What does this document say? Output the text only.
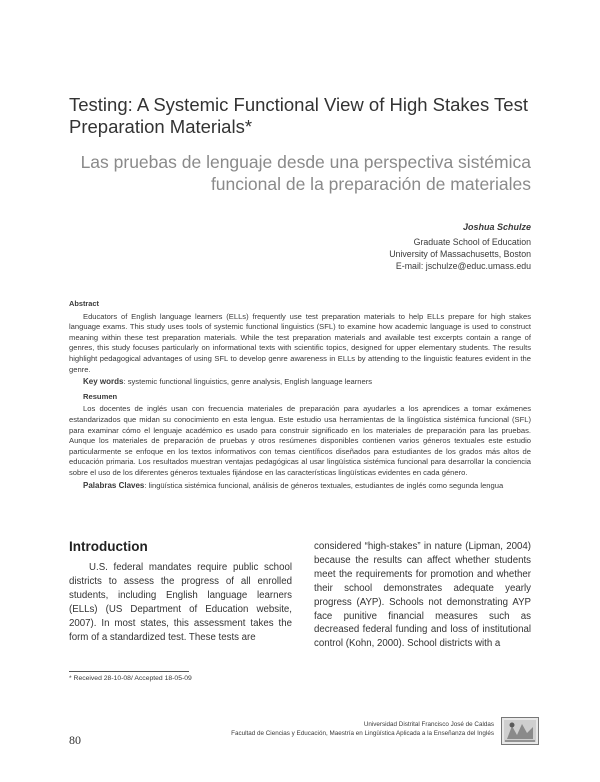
Testing: A Systemic Functional View of High Stakes Test Preparation Materials*
Las pruebas de lenguaje desde una perspectiva sistémica funcional de la preparación de materiales
Joshua Schulze
Graduate School of Education
University of Massachusetts, Boston
E-mail: jschulze@educ.umass.edu
Abstract

Educators of English language learners (ELLs) frequently use test preparation materials to help ELLs prepare for high stakes language exams. This study uses tools of systemic functional linguistics (SFL) to examine how academic language is used to construct meaning within these test preparation materials. While the test preparation materials and available test excerpts contain a range of genres, this study focuses particularly on informational texts with scientific topics, designed for upper elementary students. The results highlight pedagogical advantages of using SFL to develop genre awareness in ELLs by attending to the linguistic features evident in the genre.

Key words: systemic functional linguistics, genre analysis, English language learners
Resumen

Los docentes de inglés usan con frecuencia materiales de preparación para ayudarles a los aprendices a tomar exámenes estandarizados que midan su conocimiento en esta lengua. Este estudio usa herramientas de la lingüística sistémica funcional (SFL) para examinar cómo el lenguaje académico es usado para construir significado en los materiales de preparación para las pruebas. Aunque los materiales de preparación de pruebas y otros resúmenes disponibles contienen varios géneros textuales este estudio particularmente se enfoque en los textos informativos con temas científicos diseñados para estudiantes de los grados más altos de educación primaria. Los resultados muestran ventajas pedagógicas al usar lingüística sistémica funcional para desarrollar la conciencia sobre el uso de los diferentes géneros textuales fijándose en las características lingüísticas evidentes en cada género.

Palabras Claves: lingüística sistémica funcional, análisis de géneros textuales, estudiantes de inglés como segunda lengua
Introduction

U.S. federal mandates require public school districts to assess the progress of all enrolled students, including English language learners (ELLs) (US Department of Education website, 2007). In most states, this assessment takes the form of a standardized test. These tests are

considered “high-stakes” in nature (Lipman, 2004) because the results can affect whether students meet the requirements for promotion and whether their school demonstrates adequate yearly progress (AYP). Schools not demonstrating AYP face punitive financial measures such as decreased federal funding and loss of institutional control (Kohn, 2000). School districts with a

* Received 28-10-08/ Accepted 18-05-09
80
Universidad Distrital Francisco José de Caldas
Facultad de Ciencias y Educación, Maestría en Lingüística Aplicada a la Enseñanza del Inglés
